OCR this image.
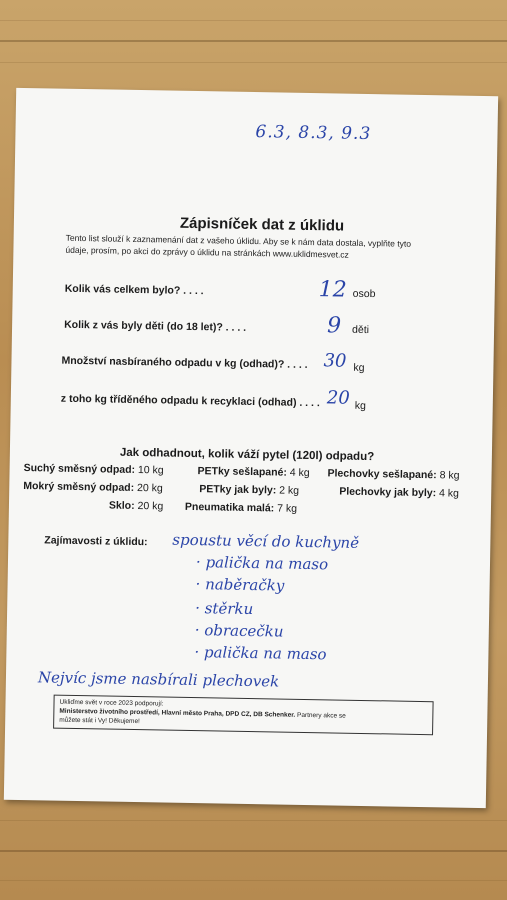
6.3, 8.3, 9.3
Zápisníček dat z úklidu
Tento list slouží k zaznamenání dat z vašeho úklidu. Aby se k nám data dostala, vyplňte tyto
údaje, prosím, po akci do zprávy o úklidu na stránkách www.uklidmesvet.cz
Kolik vás celkem bylo? . . . .	12 osob
Kolik z vás byly děti (do 18 let)? . . . .	9 děti
Množství nasbíraného odpadu v kg (odhad)? . . . . 30 kg
z toho kg tříděného odpadu k recyklaci (odhad) . . . . 20 kg
Jak odhadnout, kolik váží pytel (120l) odpadu?
Suchý směsný odpad: 10 kg	PETky sešlapané: 4 kg Plechovky sešlapané: 8 kg
Mokrý směsný odpad: 20 kg	PETky jak byly: 2 kg	Plechovky jak byly: 4 kg
Sklo: 20 kg Pneumatika malá: 7 kg
Zajímavosti z úklidu: spoustu věcí do kuchyně
· palička na maso
· naběračky
· stěrku
· obracečku
· palička na maso
Nejvíc jsme nasbírali plechovek
Ukliďme svět v roce 2023 podporují:
Ministerstvo životního prostředí, Hlavní město Praha, DPD CZ, DB Schenker. Partnery akce se
můžete stát i Vy! Děkujeme!
